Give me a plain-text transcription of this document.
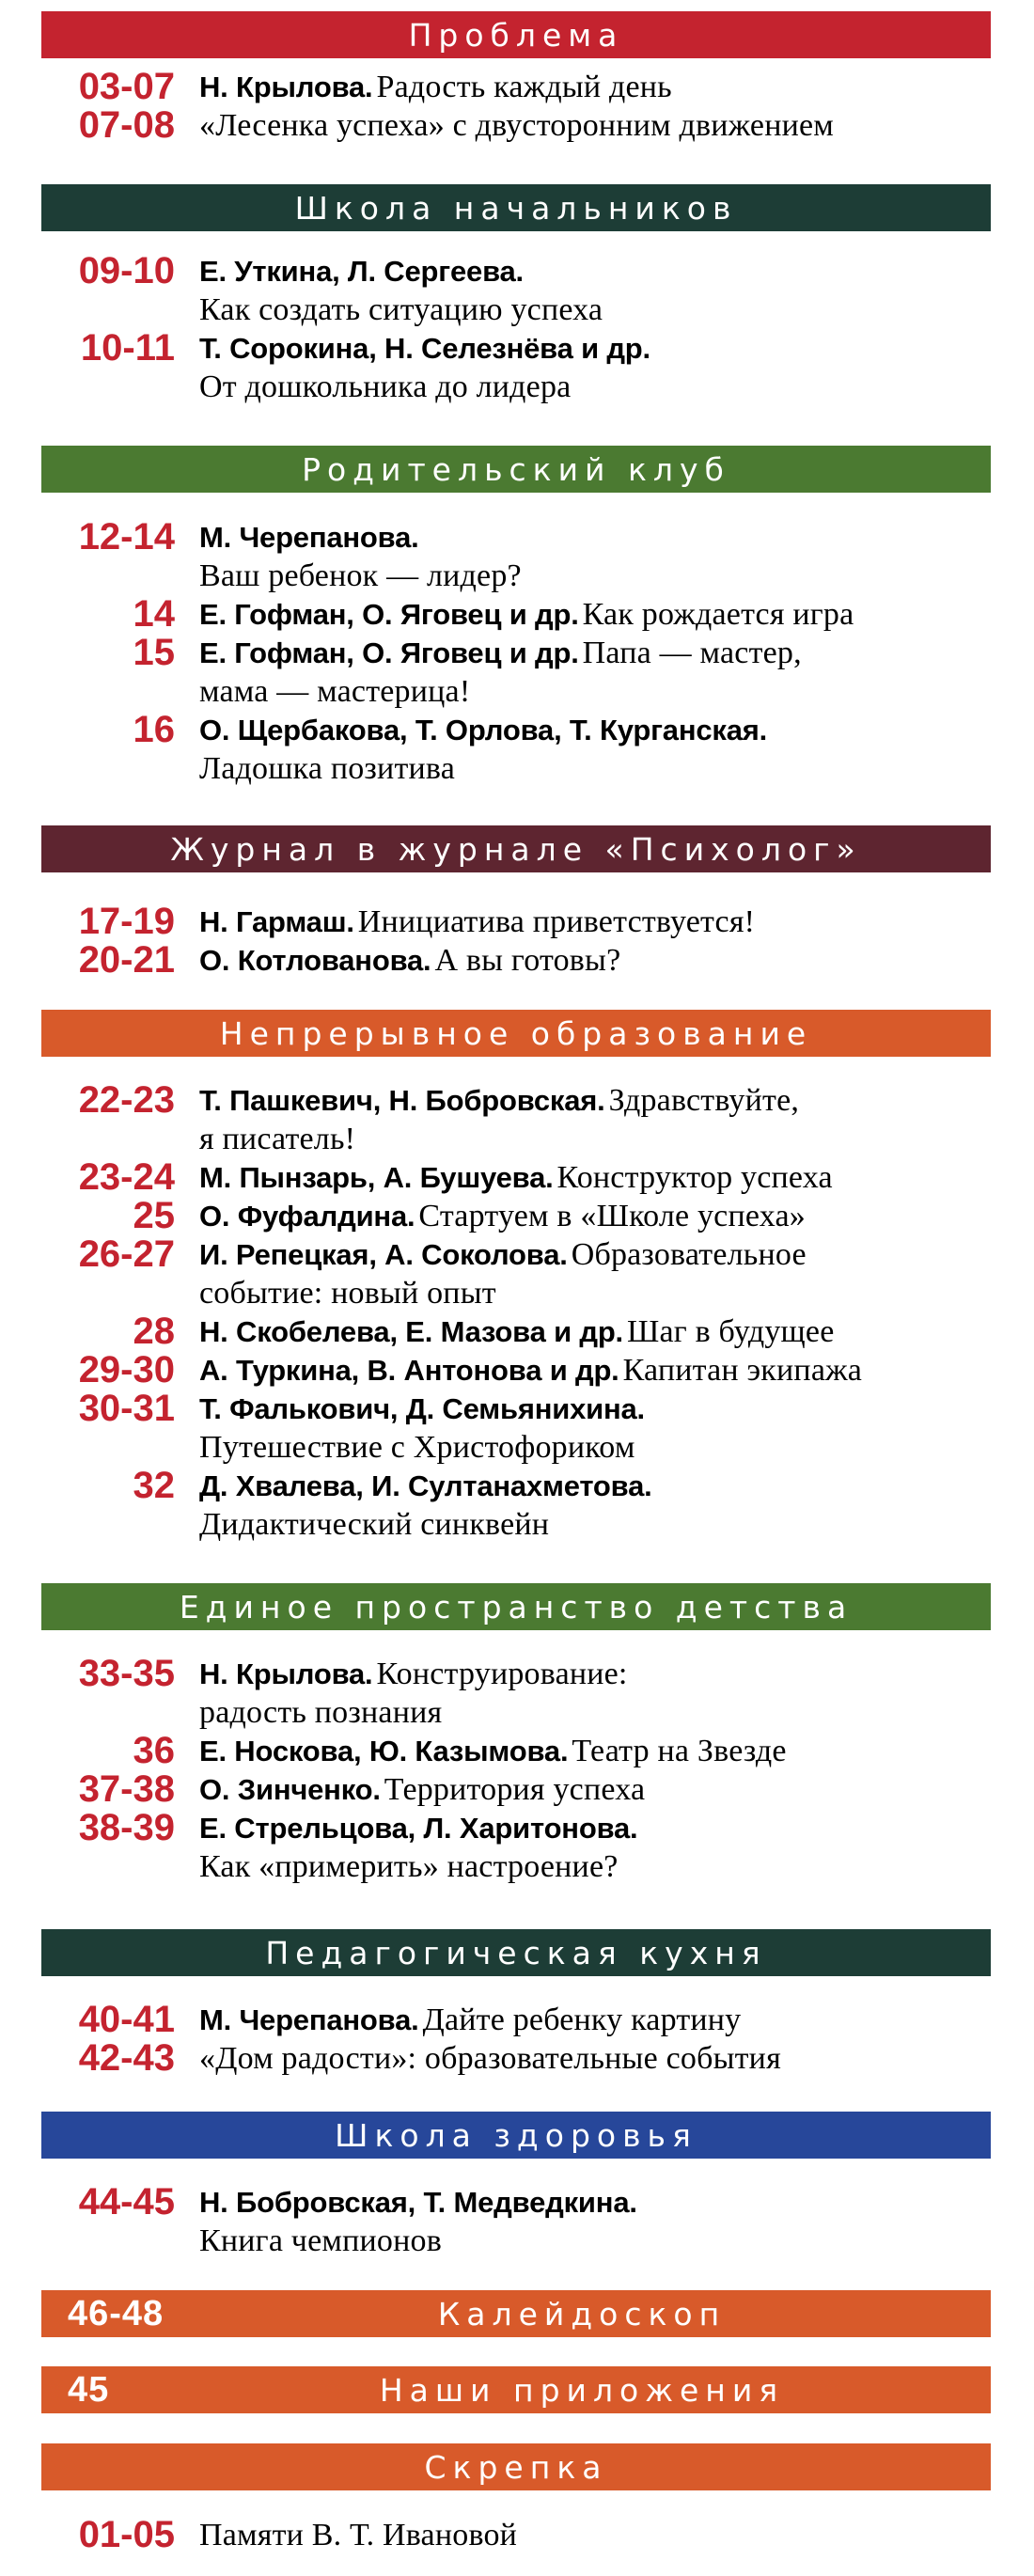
Проблема
03-07 Н. Крылова. Радость каждый день
07-08 «Лесенка успеха» с двусторонним движением
Школа начальников
09-10 Е. Уткина, Л. Сергеева.
Как создать ситуацию успеха
10-11 Т. Сорокина, Н. Селезнёва и др.
От дошкольника до лидера
Родительский клуб
12-14 М. Черепанова.
Ваш ребенок — лидер?
14 Е. Гофман, О. Яговец и др. Как рождается игра
15 Е. Гофман, О. Яговец и др. Папа — мастер,
мама — мастерица!
16 О. Щербакова, Т. Орлова, Т. Курганская.
Ладошка позитива
Журнал в журнале «Психолог»
17-19 Н. Гармаш. Инициатива приветствуется!
20-21 О. Котлованова. А вы готовы?
Непрерывное образование
22-23 Т. Пашкевич, Н. Бобровская. Здравствуйте,
я писатель!
23-24 М. Пынзарь, А. Бушуева. Конструктор успеха
25 О. Фуфалдина. Стартуем в «Школе успеха»
26-27 И. Репецкая, А. Соколова. Образовательное
событие: новый опыт
28 Н. Скобелева, Е. Мазова и др. Шаг в будущее
29-30 А. Туркина, В. Антонова и др. Капитан экипажа
30-31 Т. Фалькович, Д. Семьянихина.
Путешествие с Христофориком
32 Д. Хвалева, И. Султанахметова.
Дидактический синквейн
Единое пространство детства
33-35 Н. Крылова. Конструирование:
радость познания
36 Е. Носкова, Ю. Казымова. Театр на Звезде
37-38 О. Зинченко. Территория успеха
38-39 Е. Стрельцова, Л. Харитонова.
Как «примерить» настроение?
Педагогическая кухня
40-41 М. Черепанова. Дайте ребенку картину
42-43 «Дом радости»: образовательные события
Школа здоровья
44-45 Н. Бобровская, Т. Медведкина.
Книга чемпионов
46-48	Калейдоскоп
45	Наши приложения
Скрепка
01-05 Памяти В. Т. Ивановой
